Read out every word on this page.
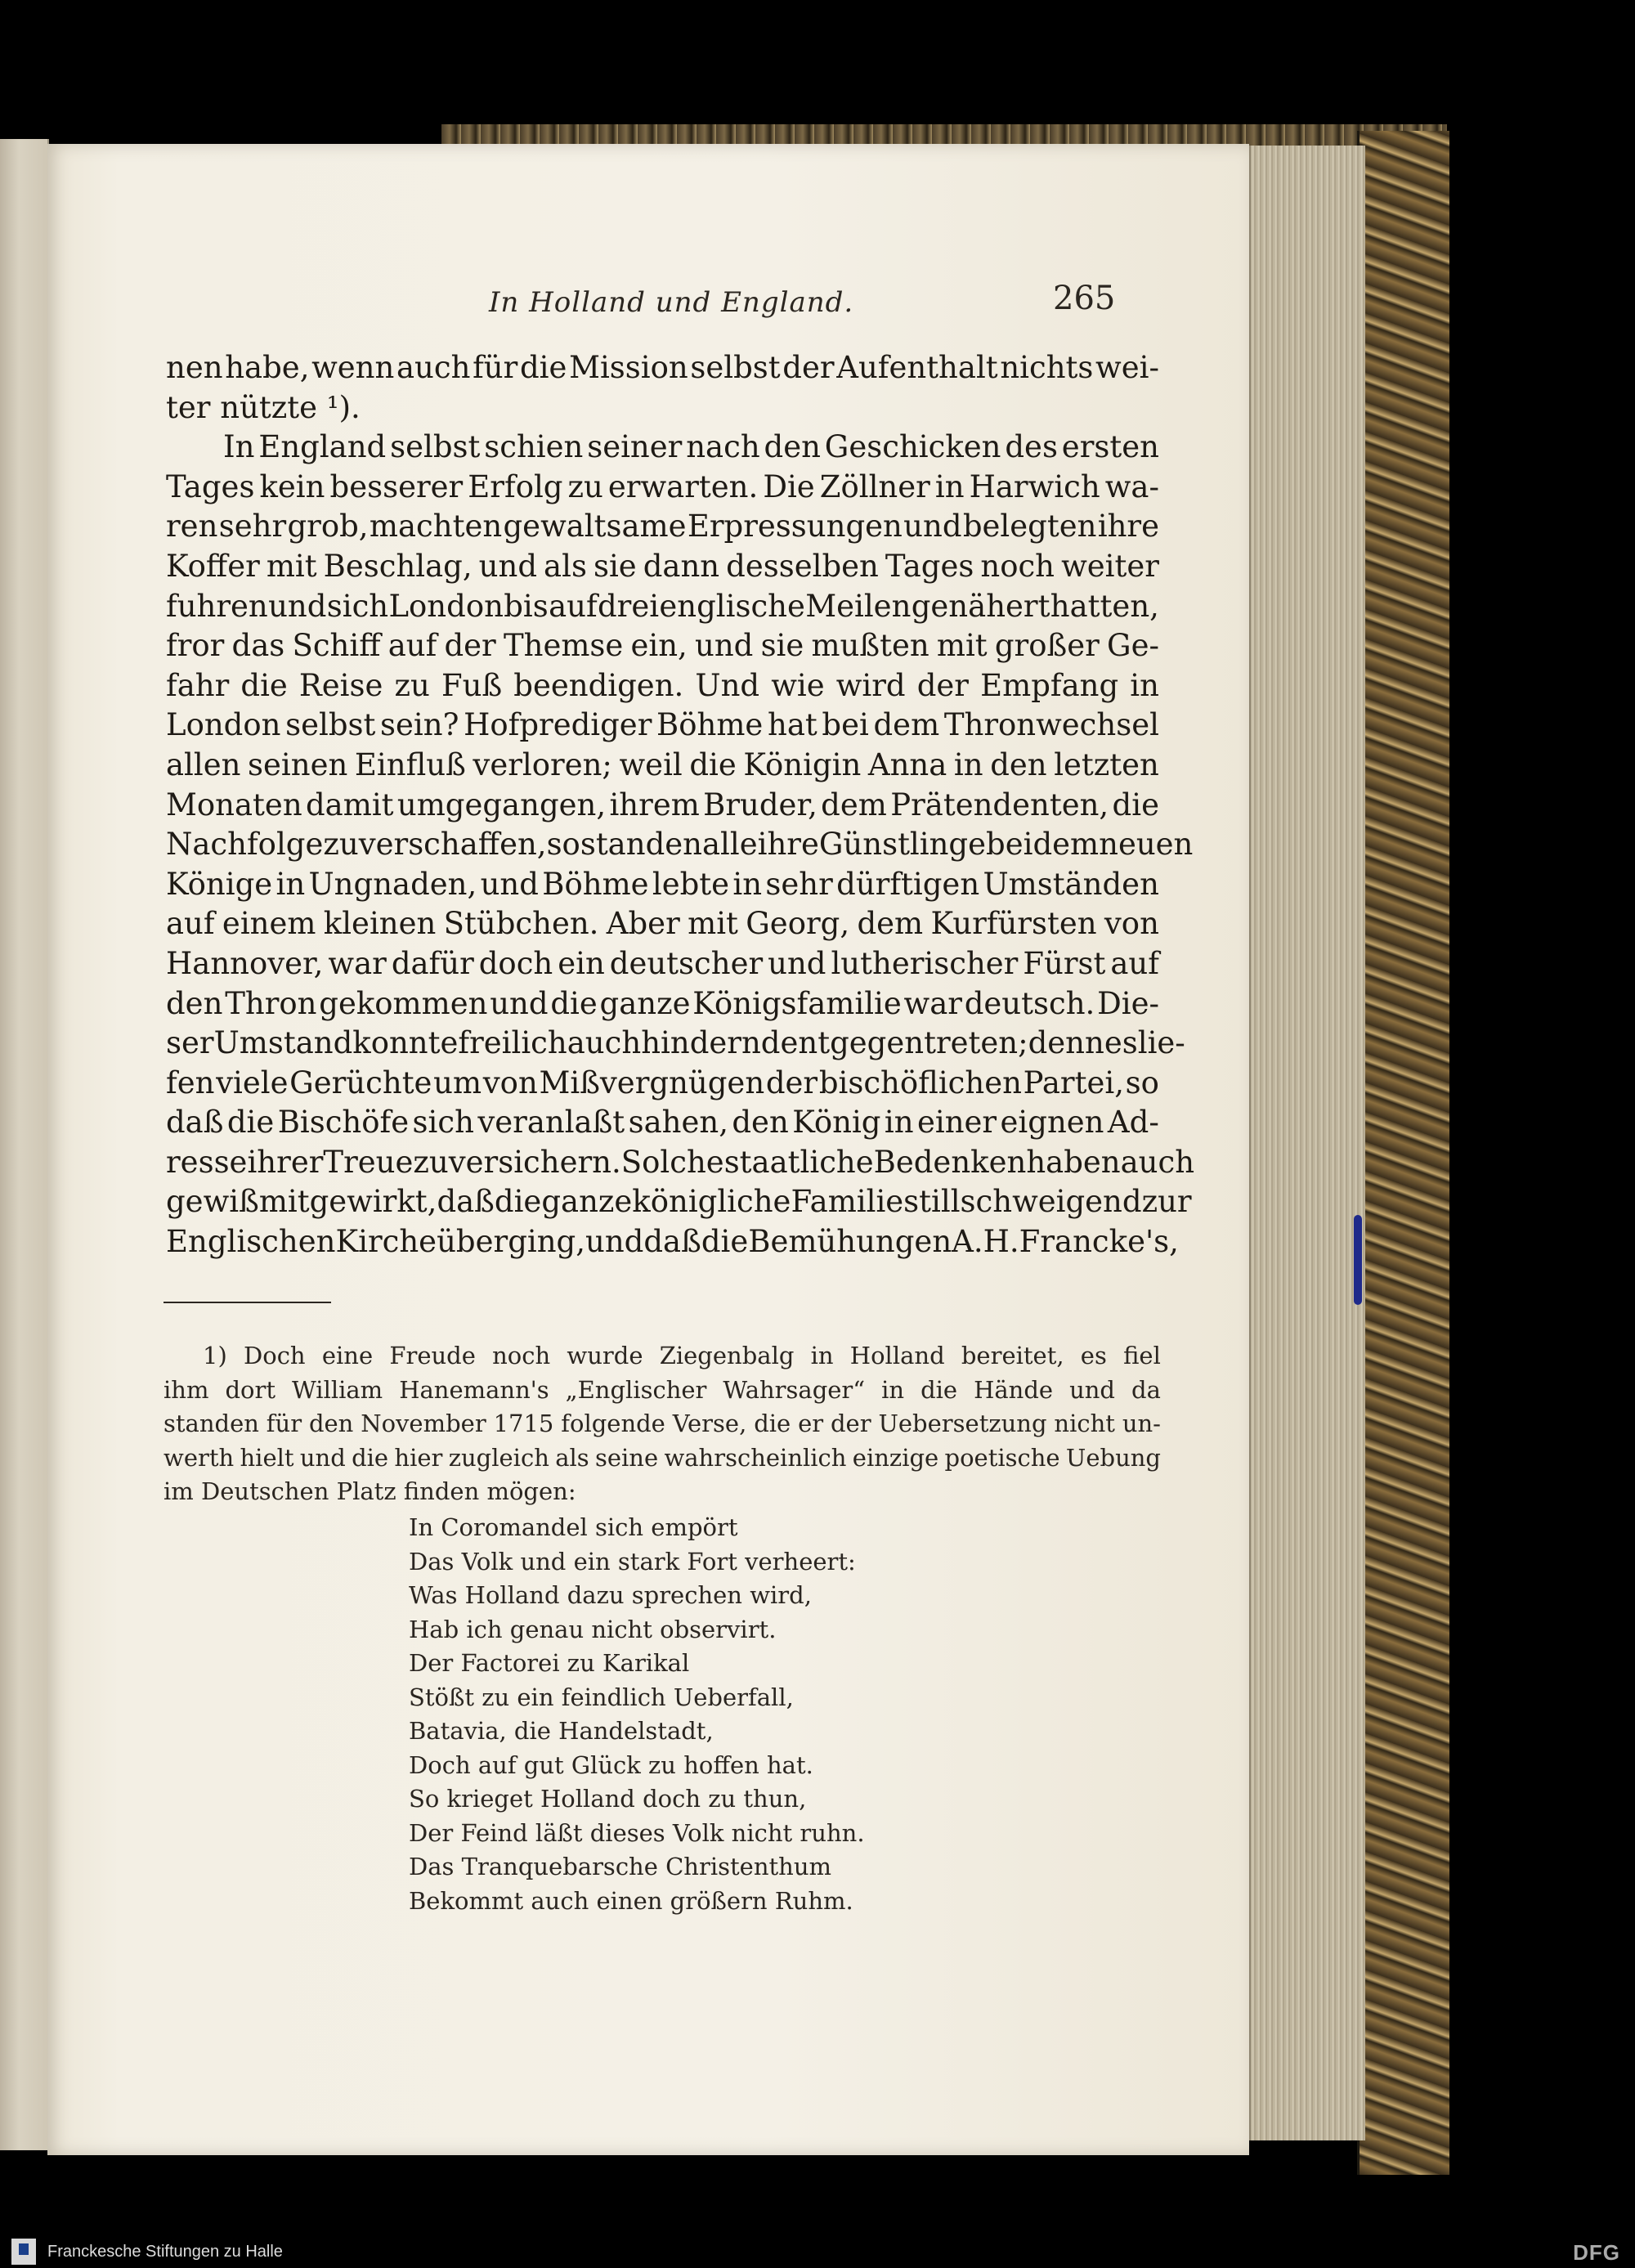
In Holland und England.	265
nen habe, wenn auch für die Mission selbst der Aufenthalt nichts wei-
ter nützte ¹).
In England selbst schien seiner nach den Geschicken des ersten
Tages kein besserer Erfolg zu erwarten. Die Zöllner in Harwich wa-
ren sehr grob, machten gewaltsame Erpressungen und belegten ihre
Koffer mit Beschlag, und als sie dann desselben Tages noch weiter
fuhren und sich London bis auf drei englische Meilen genähert hatten,
fror das Schiff auf der Themse ein, und sie mußten mit großer Ge-
fahr die Reise zu Fuß beendigen. Und wie wird der Empfang in
London selbst sein? Hofprediger Böhme hat bei dem Thronwechsel
allen seinen Einfluß verloren; weil die Königin Anna in den letzten
Monaten damit umgegangen, ihrem Bruder, dem Prätendenten, die
Nachfolge zu verschaffen, so standen alle ihre Günstlinge bei dem neuen
Könige in Ungnaden, und Böhme lebte in sehr dürftigen Umständen
auf einem kleinen Stübchen. Aber mit Georg, dem Kurfürsten von
Hannover, war dafür doch ein deutscher und lutherischer Fürst auf
den Thron gekommen und die ganze Königsfamilie war deutsch. Die-
ser Umstand konnte freilich auch hindernd entgegen treten; denn es lie-
fen viele Gerüchte um von Mißvergnügen der bischöflichen Partei, so
daß die Bischöfe sich veranlaßt sahen, den König in einer eignen Ad-
resse ihrer Treue zu versichern. Solche staatliche Bedenken haben auch
gewiß mitgewirkt, daß die ganze königliche Familie stillschweigend zur
Englischen Kirche überging, und daß die Bemühungen A. H. Francke's,
1) Doch eine Freude noch wurde Ziegenbalg in Holland bereitet, es fiel
ihm dort William Hanemann's „Englischer Wahrsager“ in die Hände und da
standen für den November 1715 folgende Verse, die er der Uebersetzung nicht un-
werth hielt und die hier zugleich als seine wahrscheinlich einzige poetische Uebung
im Deutschen Platz finden mögen:
In Coromandel sich empört
Das Volk und ein stark Fort verheert:
Was Holland dazu sprechen wird,
Hab ich genau nicht observirt.
Der Factorei zu Karikal
Stößt zu ein feindlich Ueberfall,
Batavia, die Handelstadt,
Doch auf gut Glück zu hoffen hat.
So krieget Holland doch zu thun,
Der Feind läßt dieses Volk nicht ruhn.
Das Tranquebarsche Christenthum
Bekommt auch einen größern Ruhm.
Franckesche Stiftungen zu Halle	DFG
